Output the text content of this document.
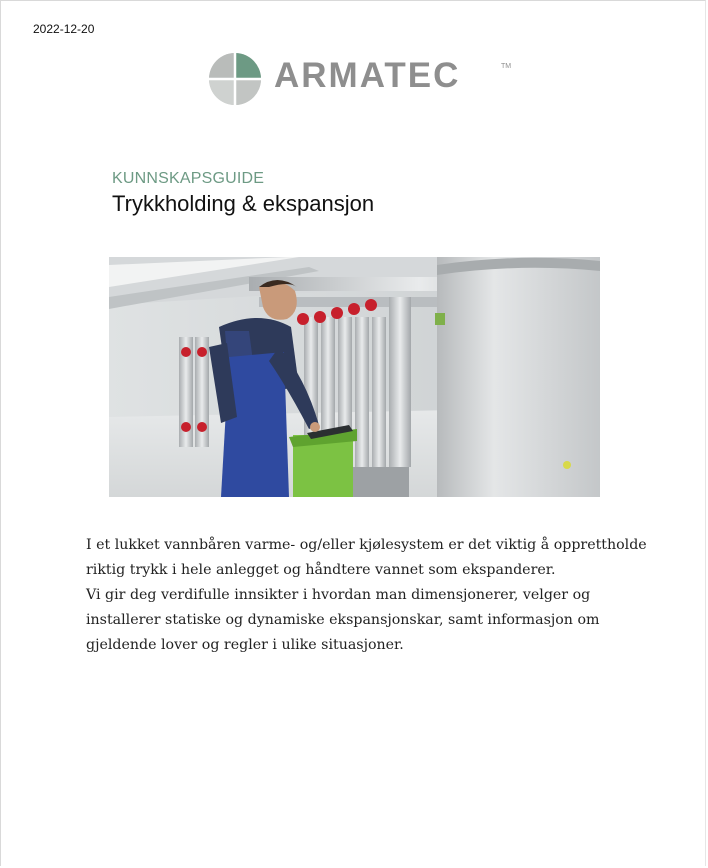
2022-12-20
ARMATEC	TM
KUNNSKAPSGUIDE
Trykkholding & ekspansjon

I et lukket vannbåren varme- og/eller kjølesystem er det viktig å opprettholde

riktig trykk i hele anlegget og håndtere vannet som ekspanderer.

Vi gir deg verdifulle innsikter i hvordan man dimensjonerer, velger og

installerer statiske og dynamiske ekspansjonskar, samt informasjon om

gjeldende lover og regler i ulike situasjoner.
